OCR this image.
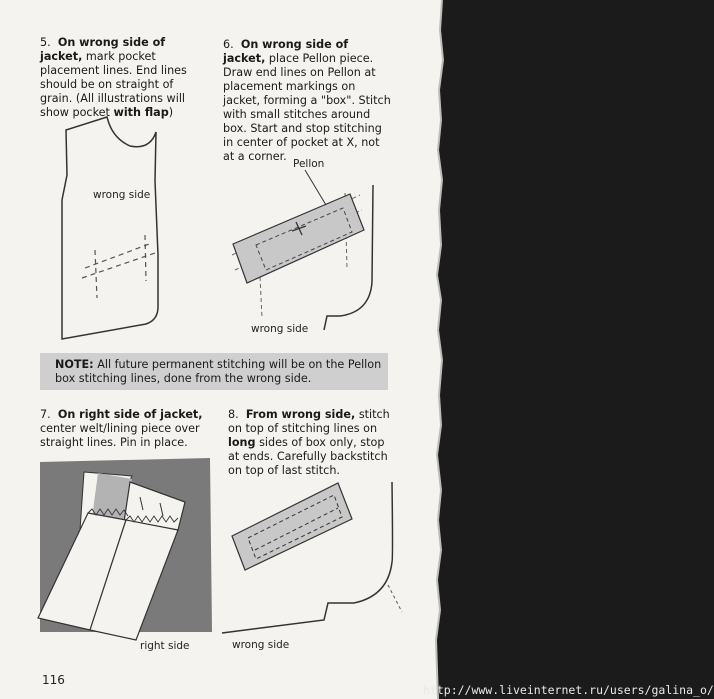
5. On wrong side of jacket, mark pocket placement lines. End lines should be on straight of grain. (All illustrations will show pocket with flap)
6. On wrong side of jacket, place Pellon piece. Draw end lines on Pellon at placement markings on jacket, forming a "box". Stitch with small stitches around box. Start and stop stitching in center of pocket at X, not at a corner.
wrong side
Pellon
wrong side
NOTE: All future permanent stitching will be on the Pellon box stitching lines, done from the wrong side.
7. On right side of jacket, center welt/lining piece over straight lines. Pin in place.
8. From wrong side, stitch on top of stitching lines on long sides of box only, stop at ends. Carefully backstitch on top of last stitch.
right side	wrong side
116
http://www.liveinternet.ru/users/galina_o/
